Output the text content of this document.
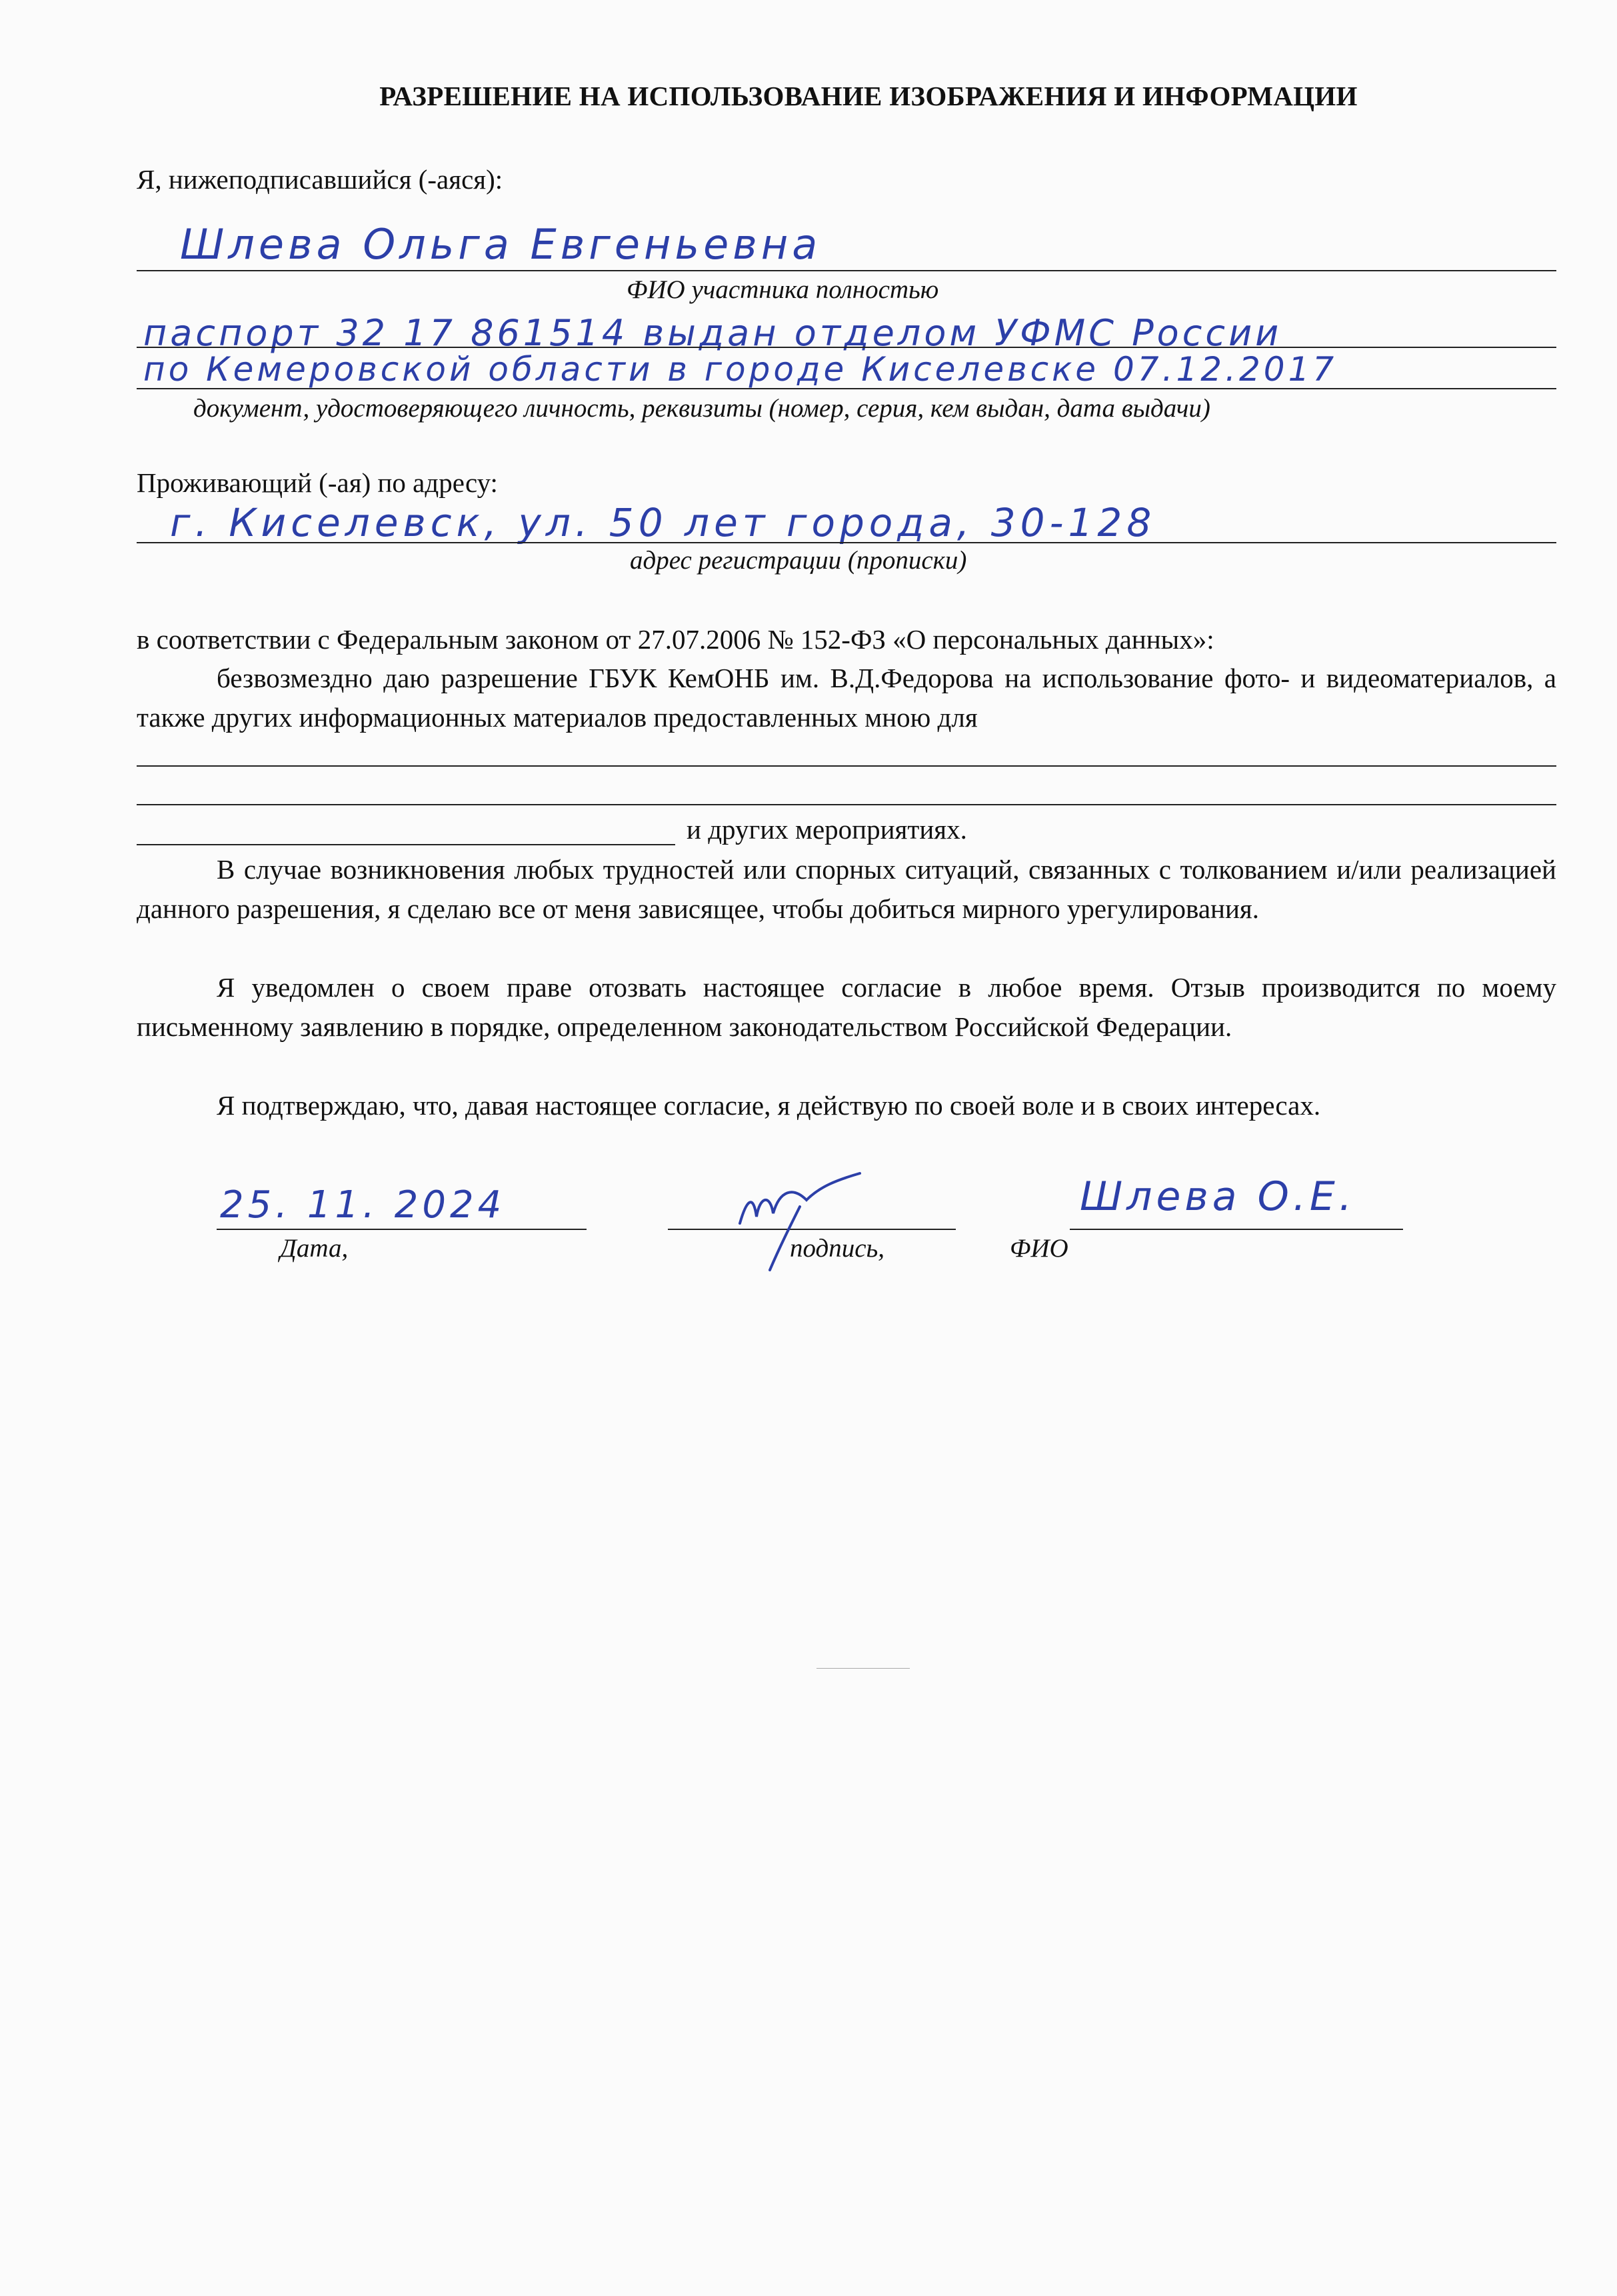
РАЗРЕШЕНИЕ НА ИСПОЛЬЗОВАНИЕ ИЗОБРАЖЕНИЯ И ИНФОРМАЦИИ
Я, нижеподписавшийся (-аяся):
Шлева Ольга Евгеньевна
ФИО участника полностью
паспорт 32 17 861514 выдан отделом УФМС России
по Кемеровской области в городе Киселевске 07.12.2017
документ, удостоверяющего личность, реквизиты (номер, серия, кем выдан, дата выдачи)
Проживающий (-ая) по адресу:
г. Киселевск, ул. 50 лет города, 30-128
адрес регистрации (прописки)
в соответствии с Федеральным законом от 27.07.2006 № 152-ФЗ «О персональных данных»:
безвозмездно даю разрешение ГБУК КемОНБ им. В.Д.Федорова на использование фото- и видеоматериалов, а также других информационных материалов предоставленных мною для
и других мероприятиях.
В случае возникновения любых трудностей или спорных ситуаций, связанных с толкованием и/или реализацией данного разрешения, я сделаю все от меня зависящее, чтобы добиться мирного урегулирования.
Я уведомлен о своем праве отозвать настоящее согласие в любое время. Отзыв производится по моему письменному заявлению в порядке, определенном законодательством Российской Федерации.
Я подтверждаю, что, давая настоящее согласие, я действую по своей воле и в своих интересах.
25. 11. 2024
Дата,	подпись,
Шлева О.Е.
ФИО
